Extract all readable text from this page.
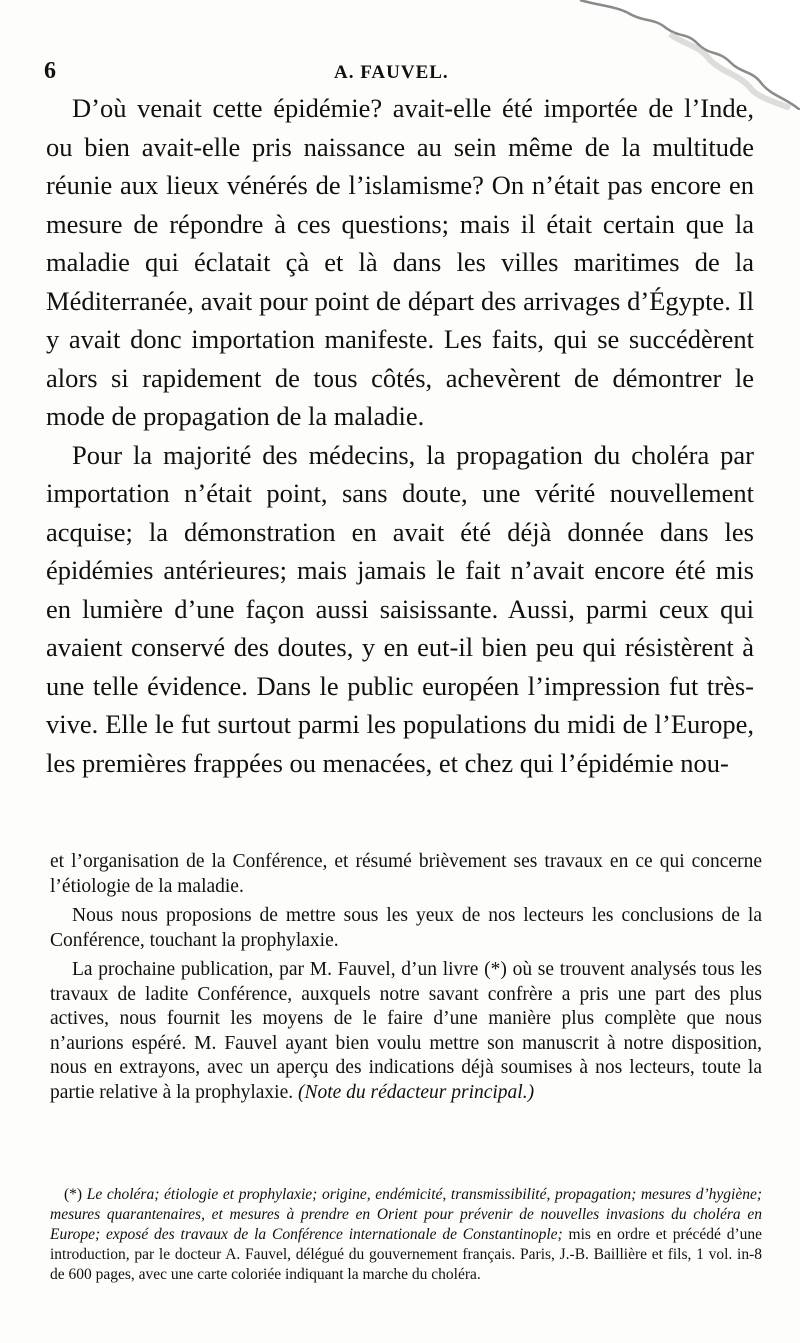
6	A. FAUVEL.

D’où venait cette épidémie? avait-elle été importée de l’Inde, ou bien avait-elle pris naissance au sein même de la multitude réunie aux lieux vénérés de l’islamisme? On n’était pas encore en mesure de répondre à ces questions; mais il était certain que la maladie qui éclatait çà et là dans les villes maritimes de la Méditerranée, avait pour point de départ des arrivages d’Égypte. Il y avait donc importation manifeste. Les faits, qui se succédèrent alors si rapidement de tous côtés, achevèrent de démontrer le mode de propagation de la maladie.

Pour la majorité des médecins, la propagation du choléra par importation n’était point, sans doute, une vérité nouvellement acquise; la démonstration en avait été déjà donnée dans les épidémies antérieures; mais jamais le fait n’avait encore été mis en lumière d’une façon aussi saisissante. Aussi, parmi ceux qui avaient conservé des doutes, y en eut-il bien peu qui résistèrent à une telle évidence. Dans le public européen l’impression fut très-vive. Elle le fut surtout parmi les populations du midi de l’Europe, les premières frappées ou menacées, et chez qui l’épidémie nou-

et l’organisation de la Conférence, et résumé brièvement ses travaux en ce qui concerne l’étiologie de la maladie.

Nous nous proposions de mettre sous les yeux de nos lecteurs les conclusions de la Conférence, touchant la prophylaxie.

La prochaine publication, par M. Fauvel, d’un livre (*) où se trouvent analysés tous les travaux de ladite Conférence, auxquels notre savant confrère a pris une part des plus actives, nous fournit les moyens de le faire d’une manière plus complète que nous n’aurions espéré. M. Fauvel ayant bien voulu mettre son manuscrit à notre disposition, nous en extrayons, avec un aperçu des indications déjà soumises à nos lecteurs, toute la partie relative à la prophylaxie. (Note du rédacteur principal.)

(*) Le choléra; étiologie et prophylaxie; origine, endémicité, transmissibilité, propagation; mesures d’hygiène; mesures quarantenaires, et mesures à prendre en Orient pour prévenir de nouvelles invasions du choléra en Europe; exposé des travaux de la Conférence internationale de Constantinople; mis en ordre et précédé d’une introduction, par le docteur A. Fauvel, délégué du gouvernement français. Paris, J.-B. Baillière et fils, 1 vol. in-8 de 600 pages, avec une carte coloriée indiquant la marche du choléra.
